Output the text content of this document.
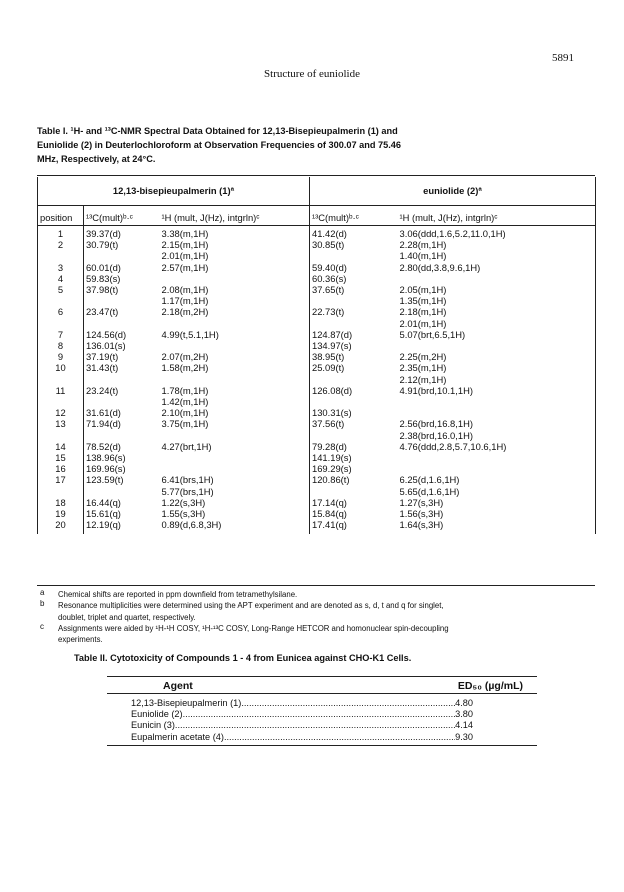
5891
Structure of euniolide
Table I. ¹H- and ¹³C-NMR Spectral Data Obtained for 12,13-Bisepieupalmerin (1) and
Euniolide (2) in Deuterlochloroform at Observation Frequencies of 300.07 and 75.46
MHz, Respectively, at 24°C.
12,13-bisepieupalmerin (1)ª			euniolide (2)ª	
position	¹³C(mult)ᵇ·ᶜ	¹H (mult, J(Hz), intgrln)ᶜ	¹³C(mult)ᵇ·ᶜ	¹H (mult, J(Hz), intgrln)ᶜ
1	39.37(d)	3.38(m,1H)	41.42(d)	3.06(ddd,1.6,5.2,11.0,1H)
2	30.79(t)	2.15(m,1H)	30.85(t)	2.28(m,1H)
		2.01(m,1H)		1.40(m,1H)
3	60.01(d)	2.57(m,1H)	59.40(d)	2.80(dd,3.8,9.6,1H)
4	59.83(s)		60.36(s)	
5	37.98(t)	2.08(m,1H)	37.65(t)	2.05(m,1H)
		1.17(m,1H)		1.35(m,1H)
6	23.47(t)	2.18(m,2H)	22.73(t)	2.18(m,1H)
				2.01(m,1H)
7	124.56(d)	4.99(t,5.1,1H)	124.87(d)	5.07(brt,6.5,1H)
8	136.01(s)		134.97(s)	
9	37.19(t)	2.07(m,2H)	38.95(t)	2.25(m,2H)
10	31.43(t)	1.58(m,2H)	25.09(t)	2.35(m,1H)
				2.12(m,1H)
11	23.24(t)	1.78(m,1H)	126.08(d)	4.91(brd,10.1,1H)
		1.42(m,1H)		
12	31.61(d)	2.10(m,1H)	130.31(s)	
13	71.94(d)	3.75(m,1H)	37.56(t)	2.56(brd,16.8,1H)
				2.38(brd,16.0,1H)
14	78.52(d)	4.27(brt,1H)	79.28(d)	4.76(ddd,2.8,5.7,10.6,1H)
15	138.96(s)		141.19(s)	
16	169.96(s)		169.29(s)	
17	123.59(t)	6.41(brs,1H)	120.86(t)	6.25(d,1.6,1H)
		5.77(brs,1H)		5.65(d,1.6,1H)
18	16.44(q)	1.22(s,3H)	17.14(q)	1.27(s,3H)
19	15.61(q)	1.55(s,3H)	15.84(q)	1.56(s,3H)
20	12.19(q)	0.89(d,6.8,3H)	17.41(q)	1.64(s,3H)
a Chemical shifts are reported in ppm downfield from tetramethylsilane.
b Resonance multiplicities were determined using the APT experiment and are denoted as s, d, t and q for singlet,
doublet, triplet and quartet, respectively.
c Assignments were aided by ¹H-¹H COSY, ¹H-¹³C COSY, Long-Range HETCOR and homonuclear spin-decoupling
experiments.
Table II. Cytotoxicity of Compounds 1 - 4 from Eunicea against CHO-K1 Cells.
Agent	ED₅₀ (µg/mL)
12,13-Bisepieupalmerin (1) .....	4.80
Euniolide (2) .....	3.80
Eunicin (3) .....	4.14
Eupalmerin acetate (4) .....	9.30
